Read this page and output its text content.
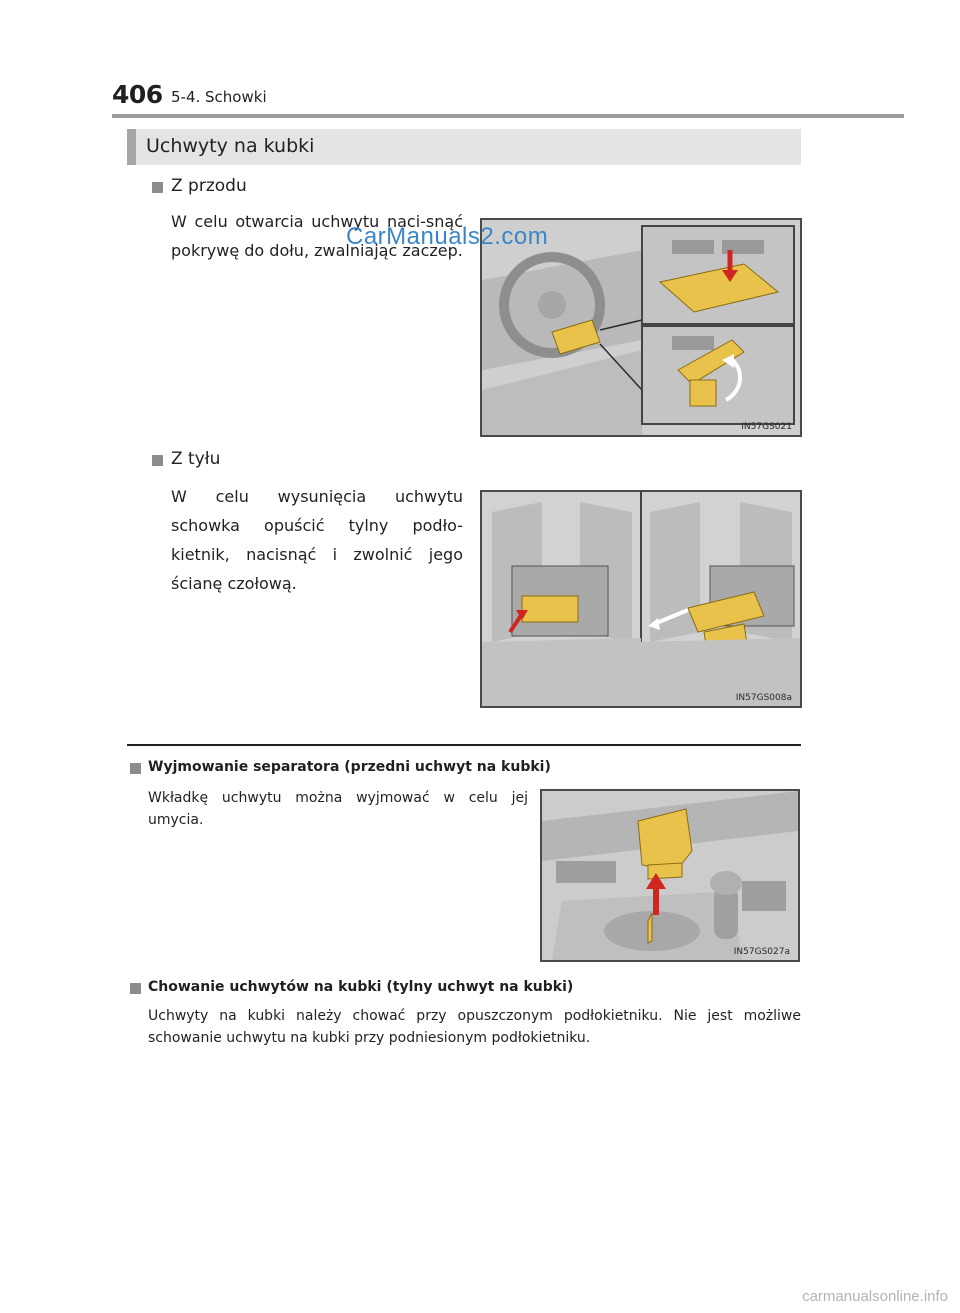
406 5-4. Schowki
Uchwyty na kubki
Z przodu
W celu otwarcia uchwytu naci-snąć pokrywę do dołu, zwalniając zaczep.
IN57GS021
Z tyłu
W celu wysunięcia uchwytu schowka opuścić tylny podło-kietnik, nacisnąć i zwolnić jego ścianę czołową.
IN57GS008a
Wyjmowanie separatora (przedni uchwyt na kubki)
Wkładkę uchwytu można wyjmować w celu jej umycia.
IN57GS027a
Chowanie uchwytów na kubki (tylny uchwyt na kubki)
Uchwyty na kubki należy chować przy opuszczonym podłokietniku. Nie jest możliwe schowanie uchwytu na kubki przy podniesionym podłokietniku.
CarManuals2.com
carmanualsonline.info
